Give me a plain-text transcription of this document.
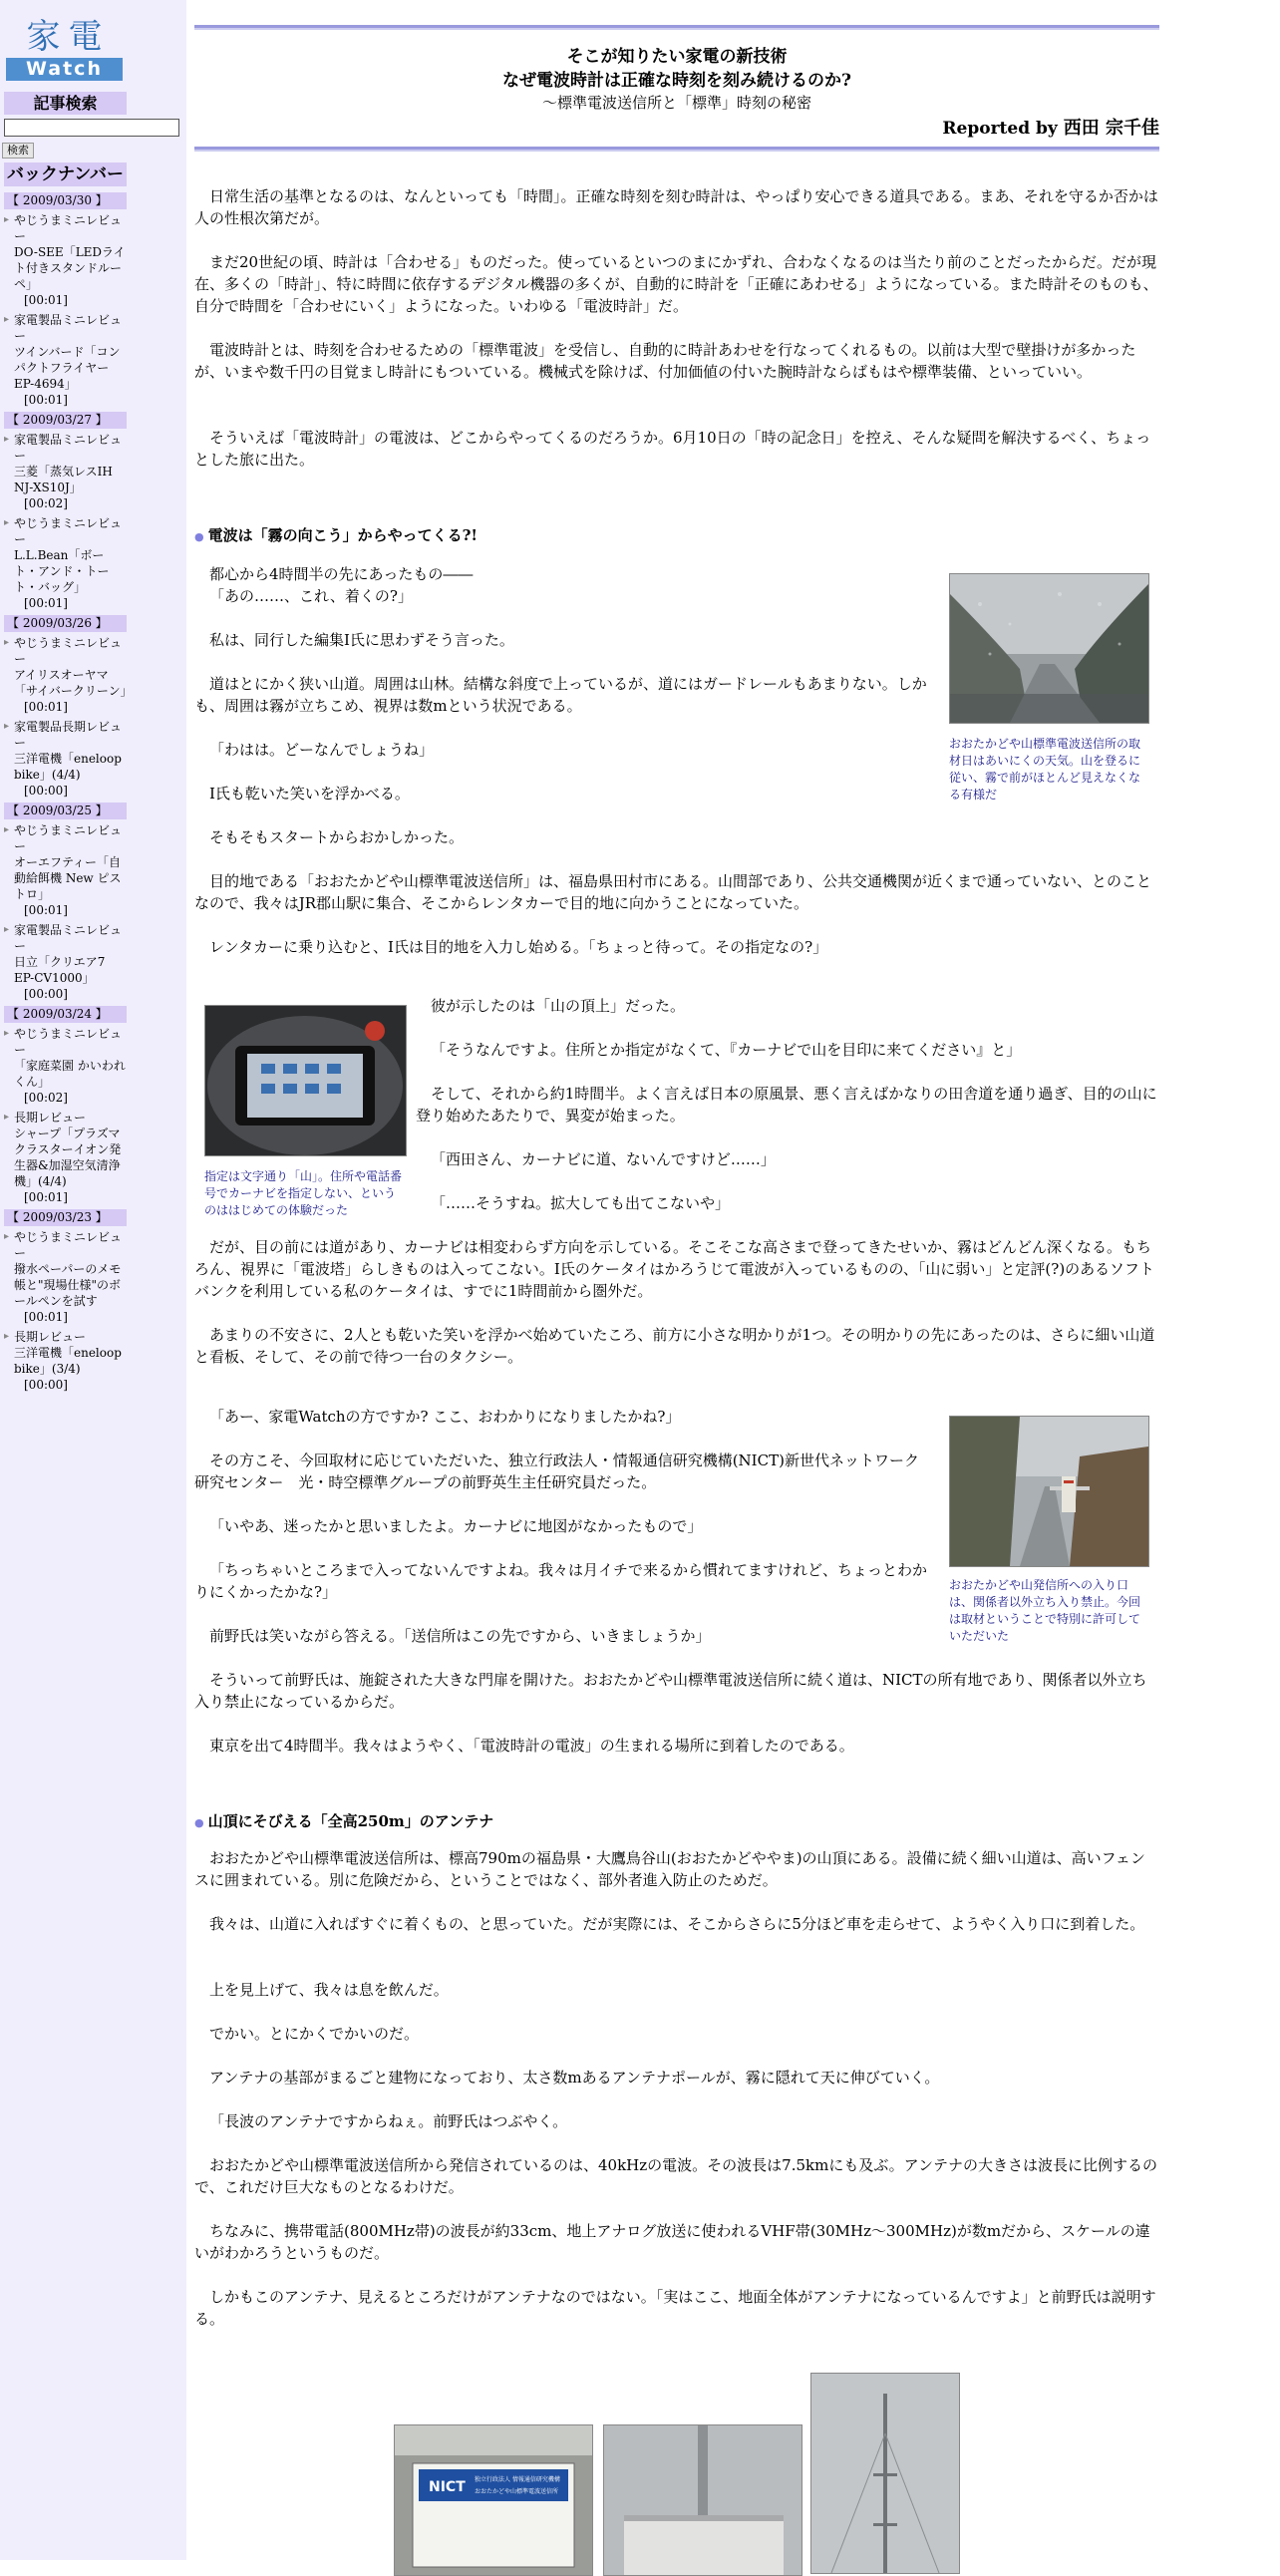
家 電
Watch
記事検索
検索
バックナンバー
【 2009/03/30 】
▸ やじうまミニレビュー
DO-SEE「LEDライト付きスタンドルーペ」
[00:01]
▸ 家電製品ミニレビュー
ツインバード「コンパクトフライヤー EP-4694」
[00:01]
【 2009/03/27 】
▸ 家電製品ミニレビュー
三菱「蒸気レスIH NJ-XS10J」
[00:02]
▸ やじうまミニレビュー
L.L.Bean「ボート・アンド・トート・バッグ」
[00:01]
【 2009/03/26 】
▸ やじうまミニレビュー
アイリスオーヤマ「サイバークリーン」
[00:01]
▸ 家電製品長期レビュー
三洋電機「eneloop bike」(4/4)
[00:00]
【 2009/03/25 】
▸ やじうまミニレビュー
オーエフティー「自動給餌機 New ピストロ」
[00:01]
▸ 家電製品ミニレビュー
日立「クリエア7 EP-CV1000」
[00:00]
【 2009/03/24 】
▸ やじうまミニレビュー
「家庭菜園 かいわれくん」
[00:02]
▸ 長期レビュー
シャープ「プラズマクラスターイオン発生器&加湿空気清浄機」(4/4)
[00:01]
【 2009/03/23 】
▸ やじうまミニレビュー
撥水ペーパーのメモ帳と"現場仕様"のボールペンを試す
[00:01]
▸ 長期レビュー
三洋電機「eneloop bike」(3/4)
[00:00]
そこが知りたい家電の新技術
なぜ電波時計は正確な時刻を刻み続けるのか?
～標準電波送信所と「標準」時刻の秘密
Reported by 西田 宗千佳

日常生活の基準となるのは、なんといっても「時間」。正確な時刻を刻む時計は、やっぱり安心できる道具である。まあ、それを守るか否かは人の性根次第だが。

まだ20世紀の頃、時計は「合わせる」ものだった。使っているといつのまにかずれ、合わなくなるのは当たり前のことだったからだ。だが現在、多くの「時計」、特に時間に依存するデジタル機器の多くが、自動的に時計を「正確にあわせる」ようになっている。また時計そのものも、自分で時間を「合わせにいく」ようになった。いわゆる「電波時計」だ。

電波時計とは、時刻を合わせるための「標準電波」を受信し、自動的に時計あわせを行なってくれるもの。以前は大型で壁掛けが多かったが、いまや数千円の目覚まし時計にもついている。機械式を除けば、付加価値の付いた腕時計ならばもはや標準装備、といっていい。

そういえば「電波時計」の電波は、どこからやってくるのだろうか。6月10日の「時の記念日」を控え、そんな疑問を解決するべく、ちょっとした旅に出た。

● 電波は「霧の向こう」からやってくる?!

都心から4時間半の先にあったもの――

「あの……、これ、着くの?」

私は、同行した編集I氏に思わずそう言った。

道はとにかく狭い山道。周囲は山林。結構な斜度で上っているが、道にはガードレールもあまりない。しかも、周囲は霧が立ちこめ、視界は数mという状況である。

「わはは。どーなんでしょうね」

I氏も乾いた笑いを浮かべる。

そもそもスタートからおかしかった。

目的地である「おおたかどや山標準電波送信所」は、福島県田村市にある。山間部であり、公共交通機関が近くまで通っていない、とのことなので、我々はJR郡山駅に集合、そこからレンタカーで目的地に向かうことになっていた。

レンタカーに乗り込むと、I氏は目的地を入力し始める。「ちょっと待って。その指定なの?」

おおたかどや山標準電波送信所の取材日はあいにくの天気。山を登るに従い、霧で前がほとんど見えなくなる有様だ
指定は文字通り「山」。住所や電話番号でカーナビを指定しない、というのははじめての体験だった

彼が示したのは「山の頂上」だった。

「そうなんですよ。住所とか指定がなくて、『カーナビで山を目印に来てください』と」

そして、それから約1時間半。よく言えば日本の原風景、悪く言えばかなりの田舎道を通り過ぎ、目的の山に登り始めたあたりで、異変が始まった。

「西田さん、カーナビに道、ないんですけど……」

「……そうすね。拡大しても出てこないや」

だが、目の前には道があり、カーナビは相変わらず方向を示している。そこそこな高さまで登ってきたせいか、霧はどんどん深くなる。もちろん、視界に「電波塔」らしきものは入ってこない。I氏のケータイはかろうじて電波が入っているものの、「山に弱い」と定評(?)のあるソフトバンクを利用している私のケータイは、すでに1時間前から圏外だ。

あまりの不安さに、2人とも乾いた笑いを浮かべ始めていたころ、前方に小さな明かりが1つ。その明かりの先にあったのは、さらに細い山道と看板、そして、その前で待つ一台のタクシー。

おおたかどや山発信所への入り口は、関係者以外立ち入り禁止。今回は取材ということで特別に許可していただいた

「あー、家電Watchの方ですか? ここ、おわかりになりましたかね?」

その方こそ、今回取材に応じていただいた、独立行政法人・情報通信研究機構(NICT)新世代ネットワーク研究センター　光・時空標準グループの前野英生主任研究員だった。

「いやあ、迷ったかと思いましたよ。カーナビに地図がなかったもので」

「ちっちゃいところまで入ってないんですよね。我々は月イチで来るから慣れてますけれど、ちょっとわかりにくかったかな?」

前野氏は笑いながら答える。「送信所はこの先ですから、いきましょうか」

そういって前野氏は、施錠された大きな門扉を開けた。おおたかどや山標準電波送信所に続く道は、NICTの所有地であり、関係者以外立ち入り禁止になっているからだ。

東京を出て4時間半。我々はようやく、「電波時計の電波」の生まれる場所に到着したのである。

● 山頂にそびえる「全高250m」のアンテナ

おおたかどや山標準電波送信所は、標高790mの福島県・大鷹鳥谷山(おおたかどややま)の山頂にある。設備に続く細い山道は、高いフェンスに囲まれている。別に危険だから、ということではなく、部外者進入防止のためだ。

我々は、山道に入ればすぐに着くもの、と思っていた。だが実際には、そこからさらに5分ほど車を走らせて、ようやく入り口に到着した。

上を見上げて、我々は息を飲んだ。

でかい。とにかくでかいのだ。

アンテナの基部がまるごと建物になっており、太さ数mあるアンテナポールが、霧に隠れて天に伸びていく。

「長波のアンテナですからねぇ。前野氏はつぶやく。

おおたかどや山標準電波送信所から発信されているのは、40kHzの電波。その波長は7.5kmにも及ぶ。アンテナの大きさは波長に比例するので、これだけ巨大なものとなるわけだ。

ちなみに、携帯電話(800MHz帯)の波長が約33cm、地上アナログ放送に使われるVHF帯(30MHz～300MHz)が数mだから、スケールの違いがわかろうというものだ。

しかもこのアンテナ、見えるところだけがアンテナなのではない。「実はここ、地面全体がアンテナになっているんですよ」と前野氏は説明する。

NICT 独立行政法人 情報通信研究機構
おおたかどや山標準電波送信所
